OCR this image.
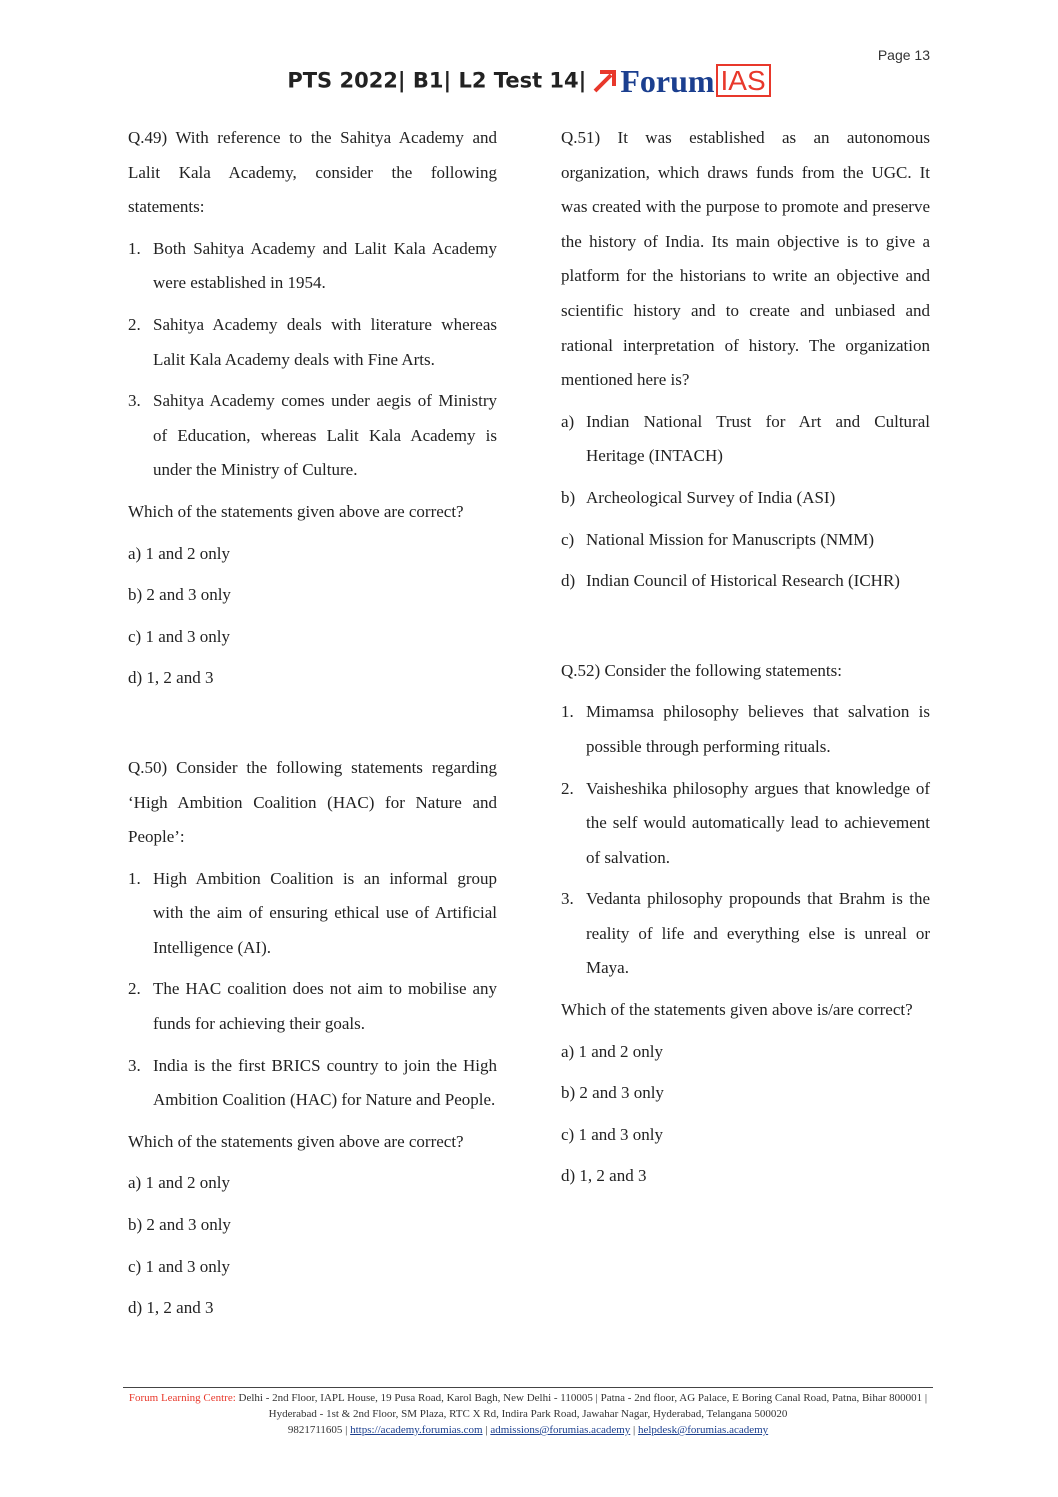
Page 13
PTS 2022| B1| L2 Test 14| Forum IAS

Q.49) With reference to the Sahitya Academy and Lalit Kala Academy, consider the following statements:

1. Both Sahitya Academy and Lalit Kala Academy were established in 1954.
2. Sahitya Academy deals with literature whereas Lalit Kala Academy deals with Fine Arts.
3. Sahitya Academy comes under aegis of Ministry of Education, whereas Lalit Kala Academy is under the Ministry of Culture.
Which of the statements given above are correct?
a) 1 and 2 only
b) 2 and 3 only
c) 1 and 3 only
d) 1, 2 and 3

Q.50) Consider the following statements regarding ‘High Ambition Coalition (HAC) for Nature and People’:

1. High Ambition Coalition is an informal group with the aim of ensuring ethical use of Artificial Intelligence (AI).
2. The HAC coalition does not aim to mobilise any funds for achieving their goals.
3. India is the first BRICS country to join the High Ambition Coalition (HAC) for Nature and People.
Which of the statements given above are correct?
a) 1 and 2 only
b) 2 and 3 only
c) 1 and 3 only
d) 1, 2 and 3

Q.51) It was established as an autonomous organization, which draws funds from the UGC. It was created with the purpose to promote and preserve the history of India. Its main objective is to give a platform for the historians to write an objective and scientific history and to create and unbiased and rational interpretation of history. The organization mentioned here is?

a) Indian National Trust for Art and Cultural Heritage (INTACH)
b) Archeological Survey of India (ASI)
c) National Mission for Manuscripts (NMM)
d) Indian Council of Historical Research (ICHR)

Q.52) Consider the following statements:

1. Mimamsa philosophy believes that salvation is possible through performing rituals.
2. Vaisheshika philosophy argues that knowledge of the self would automatically lead to achievement of salvation.
3. Vedanta philosophy propounds that Brahm is the reality of life and everything else is unreal or Maya.

Which of the statements given above is/are correct?

a) 1 and 2 only
b) 2 and 3 only
c) 1 and 3 only
d) 1, 2 and 3
Forum Learning Centre: Delhi - 2nd Floor, IAPL House, 19 Pusa Road, Karol Bagh, New Delhi - 110005 | Patna - 2nd floor, AG Palace, E Boring Canal Road, Patna, Bihar 800001 | Hyderabad - 1st & 2nd Floor, SM Plaza, RTC X Rd, Indira Park Road, Jawahar Nagar, Hyderabad, Telangana 500020
9821711605 | https://academy.forumias.com | admissions@forumias.academy | helpdesk@forumias.academy
